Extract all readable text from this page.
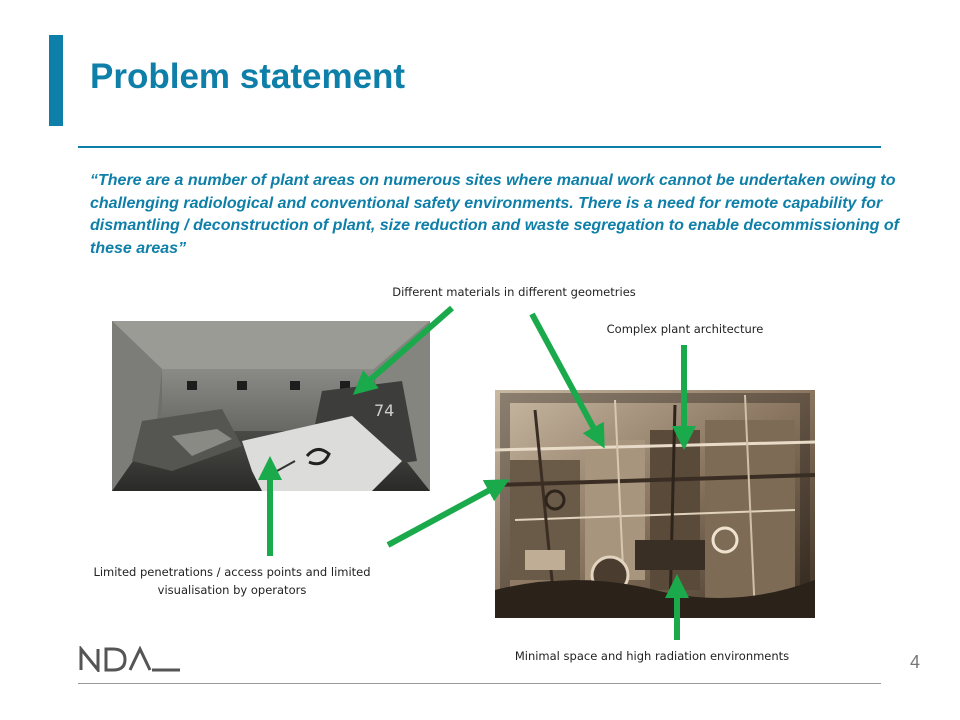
Problem statement

“There are a number of plant areas on numerous sites where manual work cannot be undertaken owing to challenging radiological and conventional safety environments. There is a need for remote capability for dismantling / deconstruction of plant, size reduction and waste segregation to enable decommissioning of these areas”

Different materials in different geometries
Complex plant architecture
Limited penetrations / access points and limited visualisation by operators
Minimal space and high radiation environments
74
4
